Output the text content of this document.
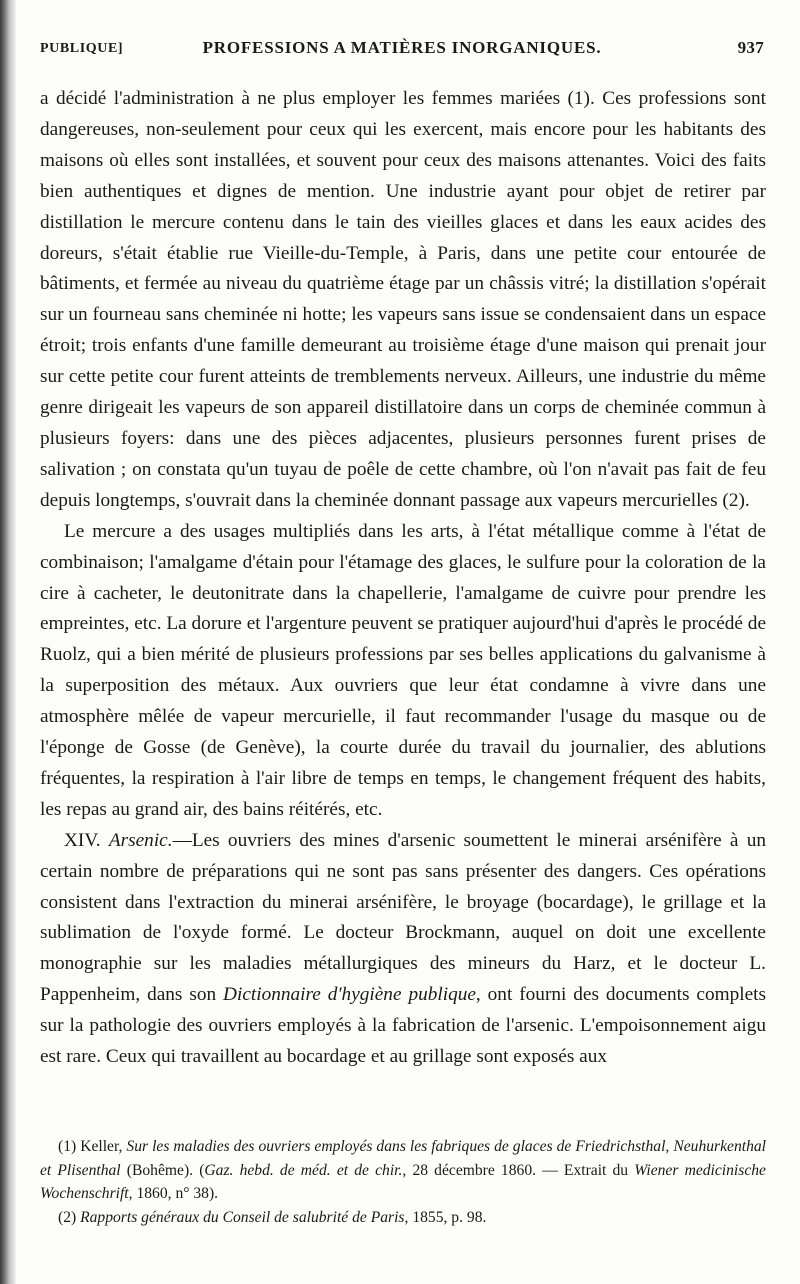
PUBLIQUE]	PROFESSIONS A MATIÈRES INORGANIQUES.	937

a décidé l'administration à ne plus employer les femmes mariées (1). Ces professions sont dangereuses, non-seulement pour ceux qui les exercent, mais encore pour les habitants des maisons où elles sont installées, et souvent pour ceux des maisons attenantes. Voici des faits bien authentiques et dignes de mention. Une industrie ayant pour objet de retirer par distillation le mercure contenu dans le tain des vieilles glaces et dans les eaux acides des doreurs, s'était établie rue Vieille-du-Temple, à Paris, dans une petite cour entourée de bâtiments, et fermée au niveau du quatrième étage par un châssis vitré; la distillation s'opérait sur un fourneau sans cheminée ni hotte; les vapeurs sans issue se condensaient dans un espace étroit; trois enfants d'une famille demeurant au troisième étage d'une maison qui prenait jour sur cette petite cour furent atteints de tremblements nerveux. Ailleurs, une industrie du même genre dirigeait les vapeurs de son appareil distillatoire dans un corps de cheminée commun à plusieurs foyers: dans une des pièces adjacentes, plusieurs personnes furent prises de salivation ; on constata qu'un tuyau de poêle de cette chambre, où l'on n'avait pas fait de feu depuis longtemps, s'ouvrait dans la cheminée donnant passage aux vapeurs mercurielles (2).

Le mercure a des usages multipliés dans les arts, à l'état métallique comme à l'état de combinaison; l'amalgame d'étain pour l'étamage des glaces, le sulfure pour la coloration de la cire à cacheter, le deutonitrate dans la chapellerie, l'amalgame de cuivre pour prendre les empreintes, etc. La dorure et l'argenture peuvent se pratiquer aujourd'hui d'après le procédé de Ruolz, qui a bien mérité de plusieurs professions par ses belles applications du galvanisme à la superposition des métaux. Aux ouvriers que leur état condamne à vivre dans une atmosphère mêlée de vapeur mercurielle, il faut recommander l'usage du masque ou de l'éponge de Gosse (de Genève), la courte durée du travail du journalier, des ablutions fréquentes, la respiration à l'air libre de temps en temps, le changement fréquent des habits, les repas au grand air, des bains réitérés, etc.

XIV. Arsenic.—Les ouvriers des mines d'arsenic soumettent le minerai arsénifère à un certain nombre de préparations qui ne sont pas sans présenter des dangers. Ces opérations consistent dans l'extraction du minerai arsénifère, le broyage (bocardage), le grillage et la sublimation de l'oxyde formé. Le docteur Brockmann, auquel on doit une excellente monographie sur les maladies métallurgiques des mineurs du Harz, et le docteur L. Pappenheim, dans son Dictionnaire d'hygiène publique, ont fourni des documents complets sur la pathologie des ouvriers employés à la fabrication de l'arsenic. L'empoisonnement aigu est rare. Ceux qui travaillent au bocardage et au grillage sont exposés aux

(1) Keller, Sur les maladies des ouvriers employés dans les fabriques de glaces de Friedrichsthal, Neuhurkenthal et Plisenthal (Bohême). (Gaz. hebd. de méd. et de chir., 28 décembre 1860. — Extrait du Wiener medicinische Wochenschrift, 1860, n° 38).

(2) Rapports généraux du Conseil de salubrité de Paris, 1855, p. 98.
